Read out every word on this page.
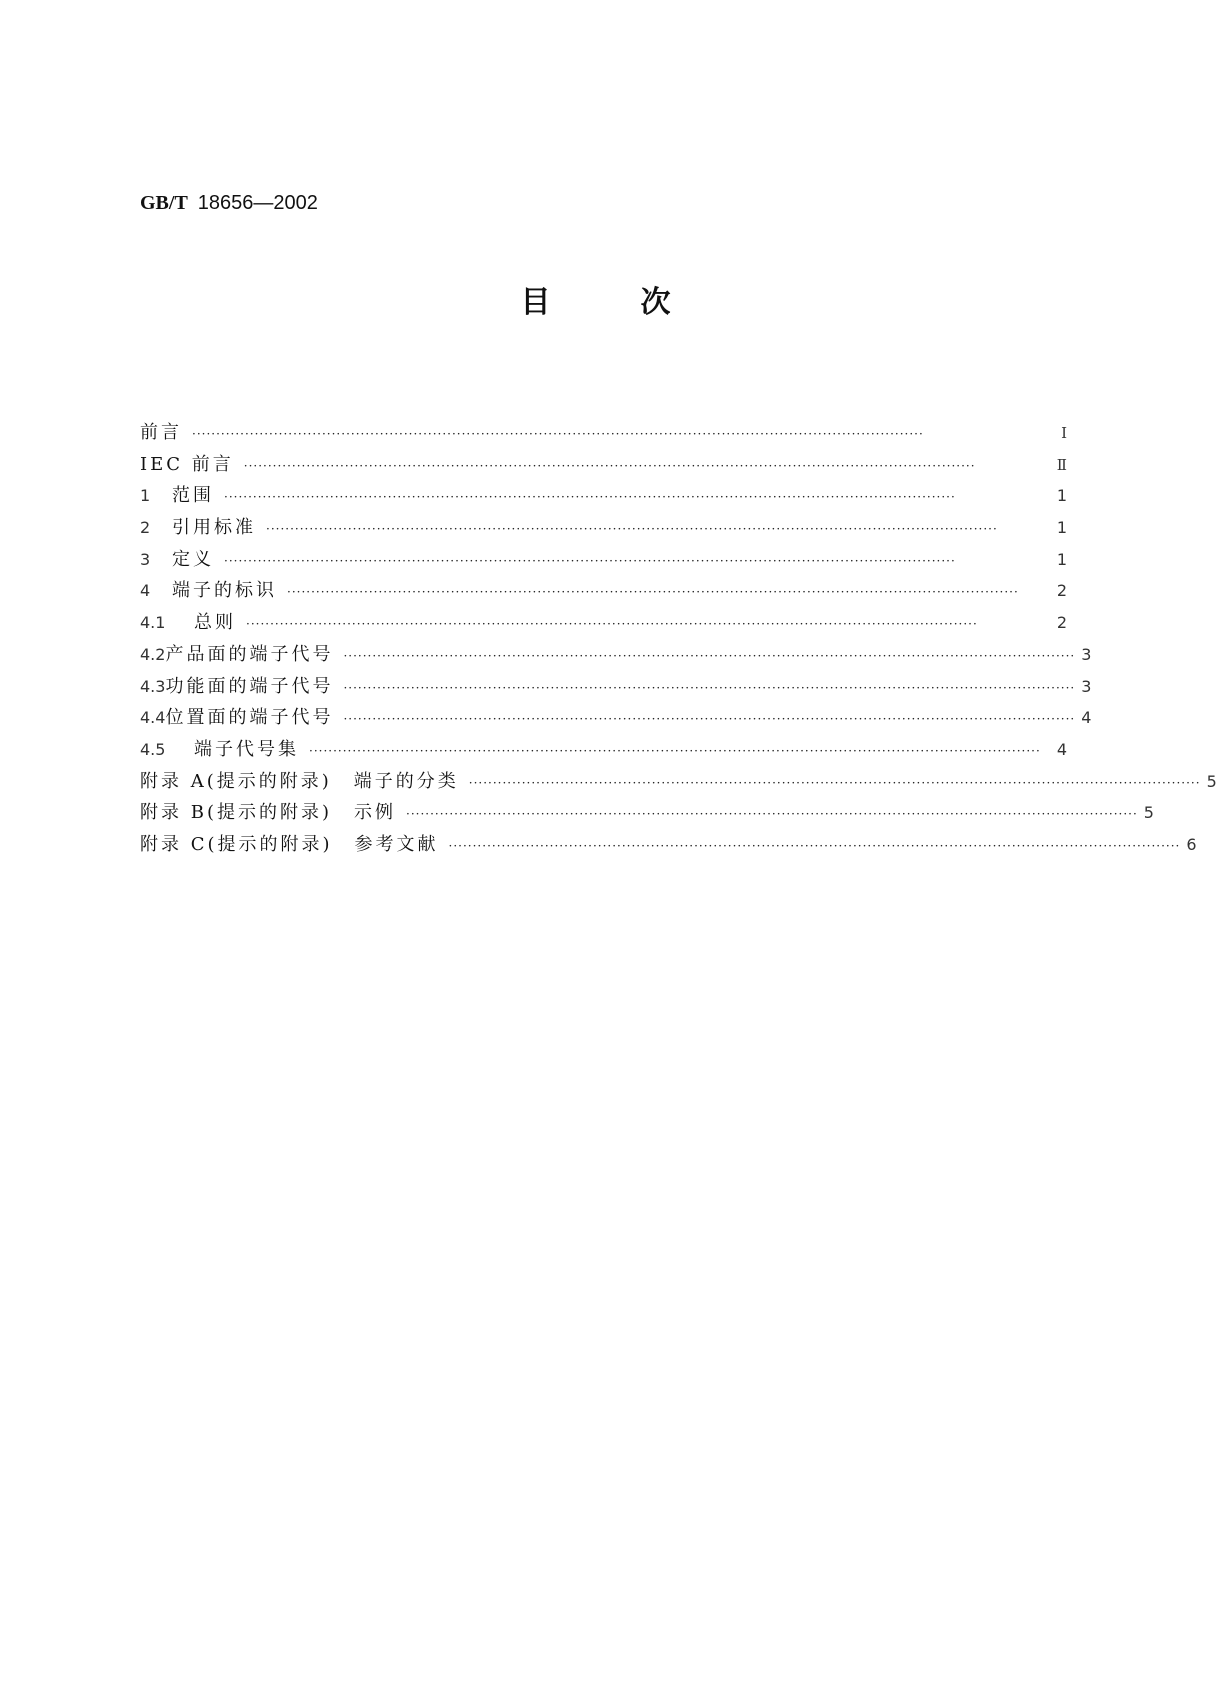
GB/T 18656—2002
目次
前言 ························································································································································	Ⅰ
IEC 前言 ························································································································································	Ⅱ
1	范围 ························································································································································	1
2	引用标准 ························································································································································	1
3	定义 ························································································································································	1
4	端子的标识 ························································································································································	2
4.1	总则 ························································································································································	2
4.2 产品面的端子代号 ························································································································································ 3
4.3 功能面的端子代号 ························································································································································ 3
4.4 位置面的端子代号 ························································································································································ 4
4.5	端子代号集 ························································································································································	4
附录 A(提示的附录) 端子的分类 ························································································································································ 5
附录 B(提示的附录) 示例 ························································································································································ 5
附录 C(提示的附录) 参考文献 ························································································································································ 6
